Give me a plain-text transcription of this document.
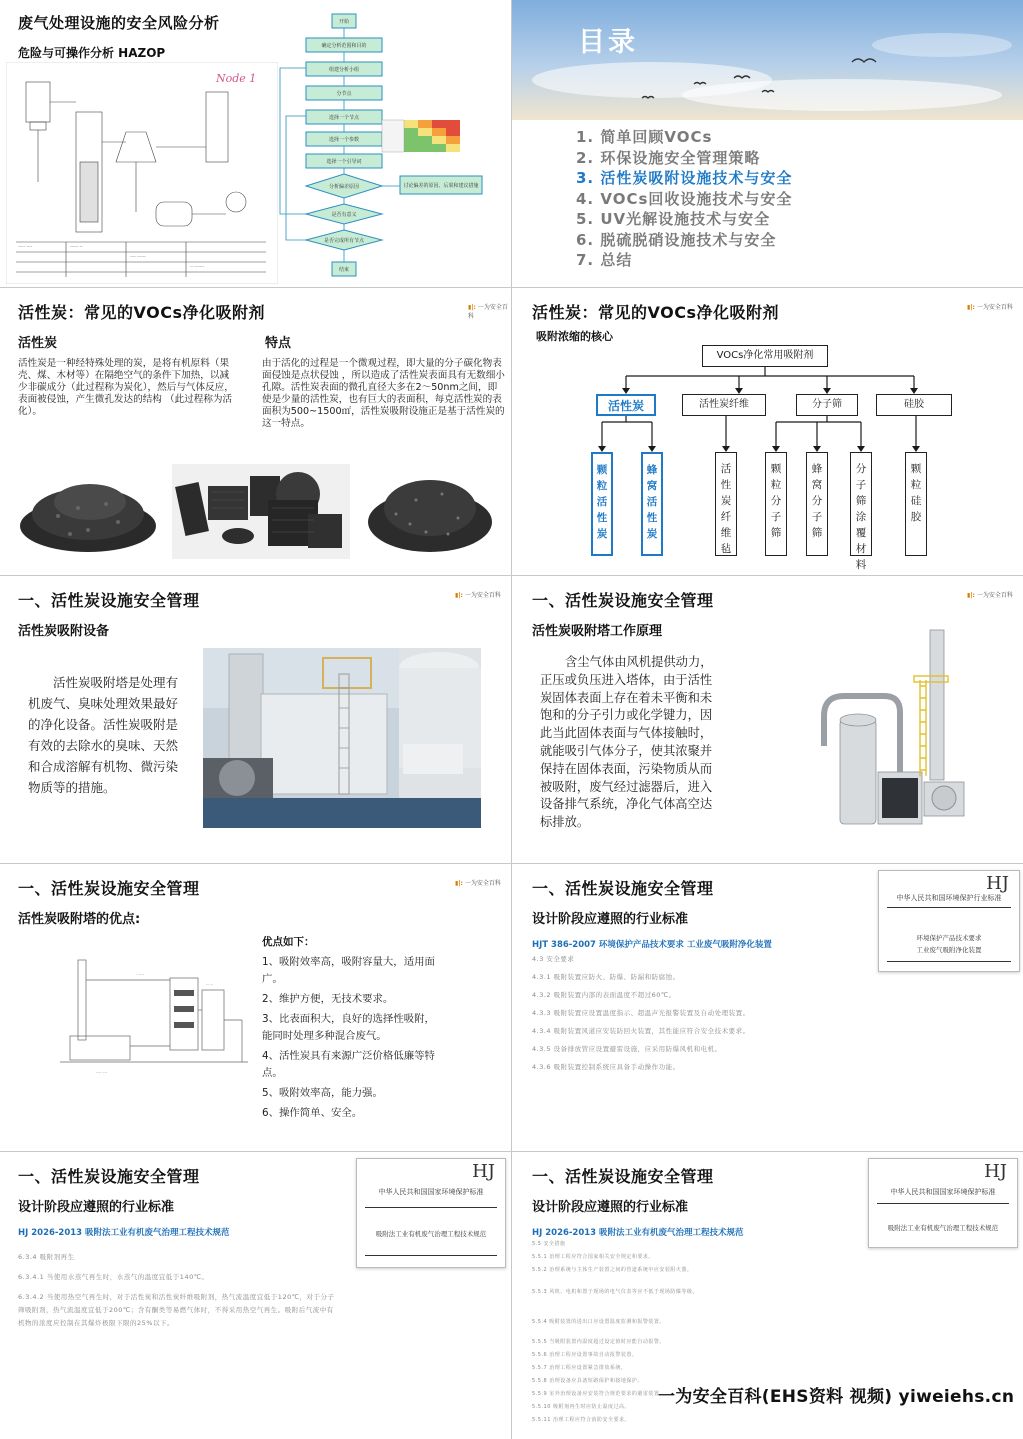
废气处理设施的安全风险分析
危险与可操作分析 HAZOP
----- ----	------ --
---- ------
-- -------
Node 1
开始
确定分析范围和目的
组建分析小组
分节点
选择一个节点
选择一个参数
选择一个引导词
分析偏差原因
是否有意义
是否完成所有节点
结束
讨论偏差的原因、后果和建议措施
目录
1. 简单回顾VOCs
2. 环保设施安全管理策略
3. 活性炭吸附设施技术与安全
4. VOCs回收设施技术与安全
5. UV光解设施技术与安全
6. 脱硫脱硝设施技术与安全
7. 总结
活性炭：常见的VOCs净化吸附剂	▮|: 一为安全百科
活性炭	特点
活性炭是一种经特殊处理的炭，是将有机原料（果壳、煤、木材等）在隔绝空气的条件下加热，以减少非碳成分（此过程称为炭化），然后与气体反应，表面被侵蚀，产生微孔发达的结构 （此过程称为活化）。
由于活化的过程是一个微观过程，即大量的分子碳化物表面侵蚀是点状侵蚀 ，所以造成了活性炭表面具有无数细小孔隙。活性炭表面的微孔直径大多在2～50nm之间，即使是少量的活性炭，也有巨大的表面积，每克活性炭的表面积为500~1500㎡，活性炭吸附设施正是基于活性炭的这一特点。
活性炭：常见的VOCs净化吸附剂	▮|: 一为安全百科
吸附浓缩的核心
VOCs净化常用吸附剂
活性炭	活性炭纤维	分子筛	硅胶
颗粒活性炭
蜂窝活性炭
活性炭纤维毡
颗粒分子筛
蜂窝分子筛
分子筛涂覆材料
颗粒硅胶
一、活性炭设施安全管理	▮|: 一为安全百科
活性炭吸附设备
活性炭吸附塔是处理有机废气、臭味处理效果最好的净化设备。活性炭吸附是有效的去除水的臭味、天然和合成溶解有机物、微污染物质等的措施。
一、活性炭设施安全管理	▮|: 一为安全百科
活性炭吸附塔工作原理
含尘气体由风机提供动力，正压或负压进入塔体，由于活性炭固体表面上存在着未平衡和未饱和的分子引力或化学键力，因此当此固体表面与气体接触时，就能吸引气体分子，使其浓聚并保持在固体表面，污染物质从而被吸附，废气经过滤器后，进入设备排气系统，净化气体高空达标排放。
一、活性炭设施安全管理	▮|: 一为安全百科
活性炭吸附塔的优点:
- ----
-- --
---- ---
优点如下：
1、吸附效率高，吸附容量大，适用面广。
2、维护方便，无技术要求。
3、比表面积大，良好的选择性吸附，能同时处理多种混合废气。
4、活性炭具有来源广泛价格低廉等特点。
5、吸附效率高，能力强。
6、操作简单、安全。
一、活性炭设施安全管理
设计阶段应遵照的行业标准
HJT 386-2007 环境保护产品技术要求 工业废气吸附净化装置
4.3 安全要求
4.3.1 吸附装置应防火、防爆、防漏和防腐蚀。
4.3.2 吸附装置内部的表面温度不超过60℃。
4.3.3 吸附装置应设置温度指示、超温声光报警装置及自动处理装置。
4.3.4 吸附装置风道应安装防回火装置，其性能应符合安全技术要求。
4.3.5 设备排放管应设置避雷设施，应采用防爆风机和电机。
4.3.6 吸附装置控制系统应具备手动操作功能。
HJ
中华人民共和国环境保护行业标准
环境保护产品技术要求
工业废气吸附净化装置
一、活性炭设施安全管理
设计阶段应遵照的行业标准
HJ 2026-2013 吸附法工业有机废气治理工程技术规范
6.3.4 吸附剂再生
6.3.4.1 当使用水蒸气再生时，水蒸气的温度宜低于140℃。
6.3.4.2 当使用热空气再生时，对于活性炭和活性炭纤维吸附剂，热气流温度宜低于120℃，对于分子
筛吸附剂，热气流温度宜低于200℃；含有酮类等易燃气体时，不得采用热空气再生。吸附后气流中有
机物的浓度应控制在其爆炸极限下限的25%以下。
HJ
中华人民共和国国家环境保护标准
吸附法工业有机废气治理工程技术规范
一、活性炭设施安全管理
设计阶段应遵照的行业标准
HJ 2026-2013 吸附法工业有机废气治理工程技术规范
5.5 安全措施
5.5.1 治理工程应符合国家相关安全规定和要求。
5.5.2 治理系统与主体生产装置之间的管道系统中应安装阻火器。
5.5.3 风机、电机和置于现场的电气仪表等应不低于现场防爆等级。
5.5.4 吸附装置的进出口应设置温度监测和报警装置。
5.5.5 当吸附装置内温度超过设定值时应能自动报警。
5.5.6 治理工程应设置事故自动报警装置。
5.5.7 治理工程应设置紧急排放系统。
5.5.8 治理设备应具备短路保护和接地保护。
5.5.9 室外治理设备应安装符合规范要求的避雷装置。
5.5.10 吸附剂再生时应防止温度过高。
5.5.11 治理工程应符合消防安全要求。
HJ
中华人民共和国国家环境保护标准
吸附法工业有机废气治理工程技术规范
一为安全百科(EHS资料 视频) yiweiehs.cn
